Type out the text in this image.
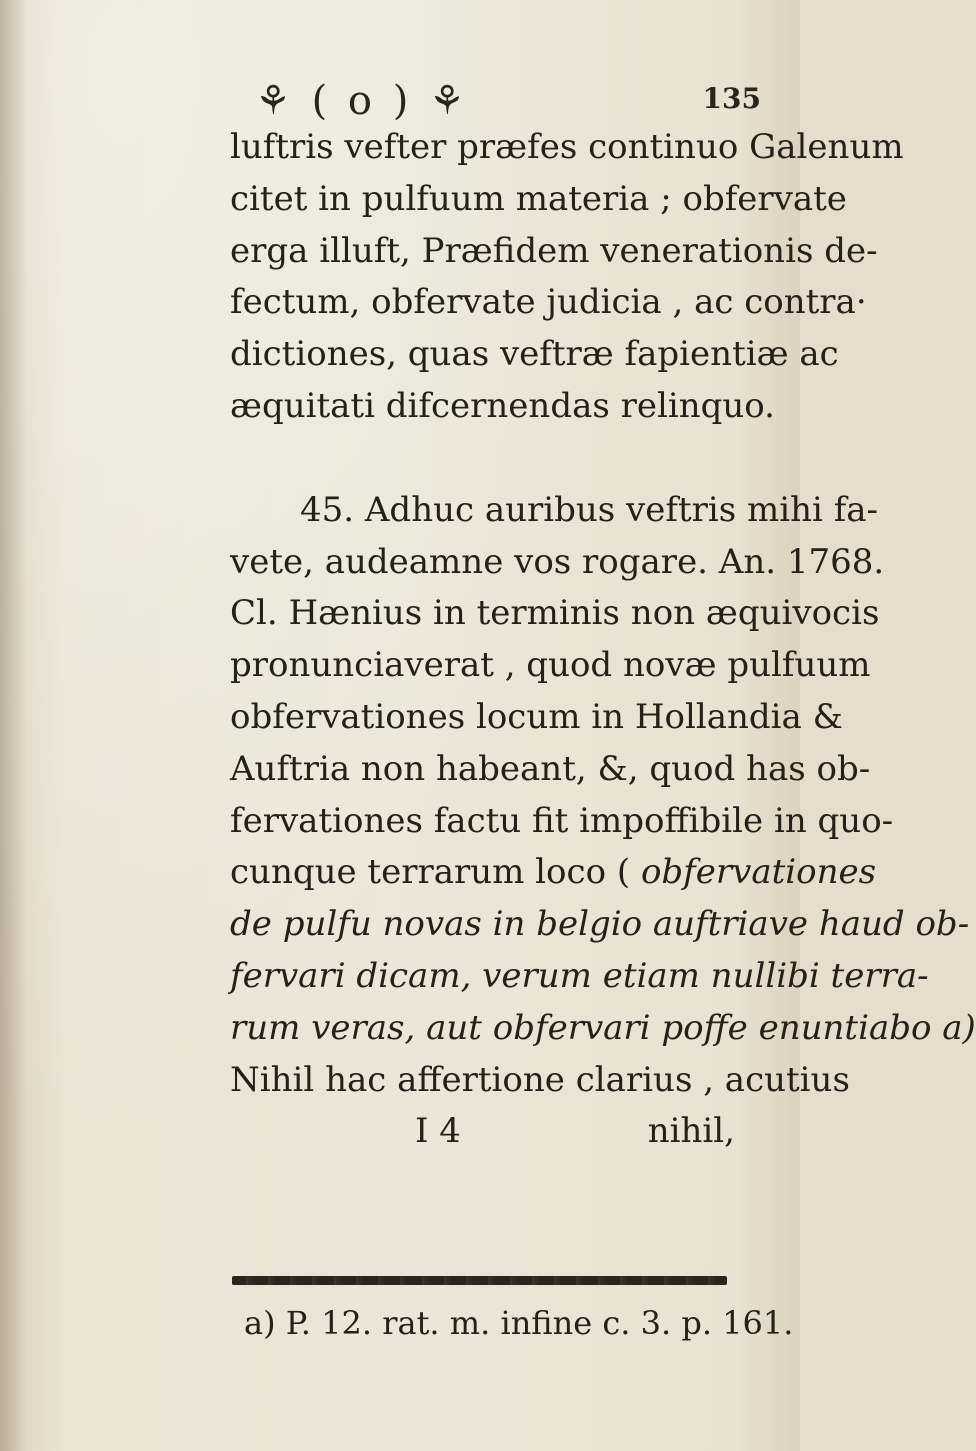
⚘ ( o ) ⚘	135
luftris vefter præfes continuo Galenum
citet in pulfuum materia ; obfervate
erga illuft, Præfidem venerationis de-
fectum, obfervate judicia , ac contra·
dictiones, quas veftræ fapientiæ ac
æquitati difcernendas relinquo.
45. Adhuc auribus veftris mihi fa-
vete, audeamne vos rogare. An. 1768.
Cl. Hænius in terminis non æquivocis
pronunciaverat , quod novæ pulfuum
obfervationes locum in Hollandia &
Auftria non habeant, &, quod has ob-
fervationes factu fit impoffibile in quo-
cunque terrarum loco ( obfervationes
de pulfu novas in belgio auftriave haud ob-
fervari dicam, verum etiam nullibi terra-
rum veras, aut obfervari poffe enuntiabo a)
Nihil hac affertione clarius , acutius
I 4	nihil,
a) P. 12. rat. m. infine c. 3. p. 161.
